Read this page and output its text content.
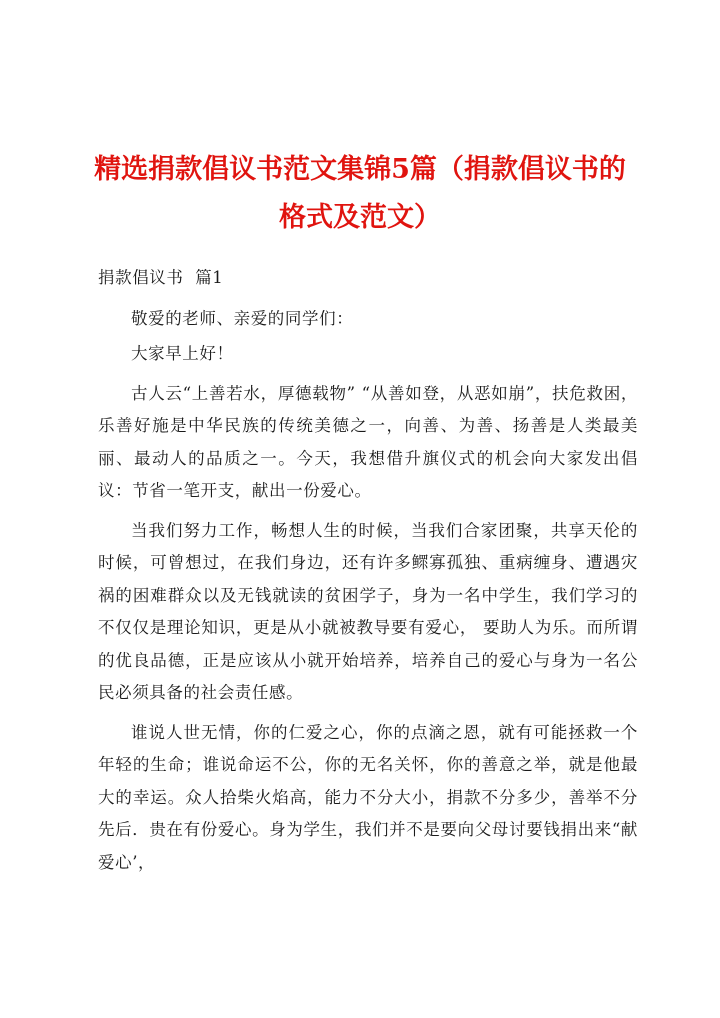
精选捐款倡议书范文集锦5篇（捐款倡议书的
格式及范文）

捐款倡议书  篇1

敬爱的老师、亲爱的同学们：

大家早上好！

古人云“上善若水，厚德载物” “从善如登，从恶如崩”，扶危救困，乐善好施是中华民族的传统美德之一，向善、为善、扬善是人类最美丽、最动人的品质之一。今天，我想借升旗仪式的机会向大家发出倡议：节省一笔开支，献出一份爱心。

当我们努力工作，畅想人生的时候，当我们合家团聚，共享天伦的时候，可曾想过，在我们身边，还有许多鳏寡孤独、重病缠身、遭遇灾祸的困难群众以及无钱就读的贫困学子，身为一名中学生，我们学习的不仅仅是理论知识，更是从小就被教导要有爱心， 要助人为乐。而所谓的优良品德，正是应该从小就开始培养，培养自己的爱心与身为一名公民必须具备的社会责任感。

谁说人世无情，你的仁爱之心，你的点滴之恩，就有可能拯救一个年轻的生命；谁说命运不公，你的无名关怀，你的善意之举，就是他最大的幸运。众人拾柴火焰高，能力不分大小，捐款不分多少，善举不分先后．贵在有份爱心。身为学生，我们并不是要向父母讨要钱捐出来“献爱心’，
